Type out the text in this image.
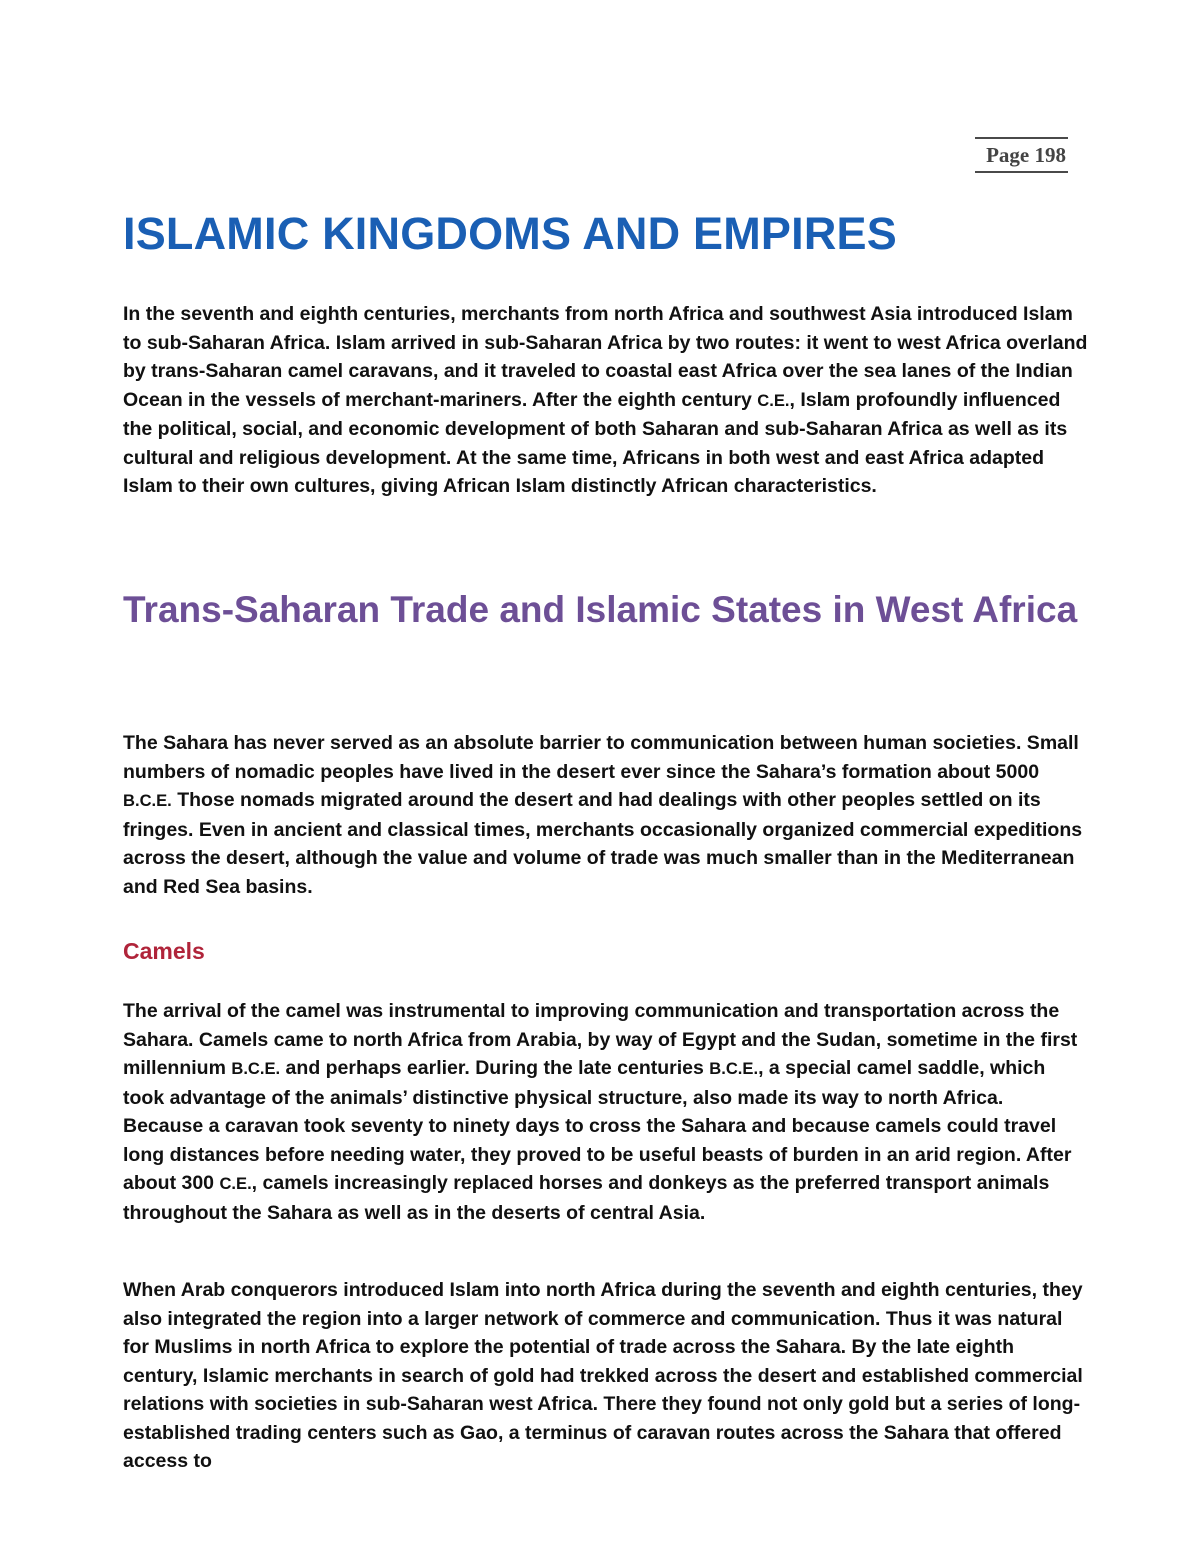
Page 198
ISLAMIC KINGDOMS AND EMPIRES

In the seventh and eighth centuries, merchants from north Africa and southwest Asia introduced Islam to sub-Saharan Africa. Islam arrived in sub-Saharan Africa by two routes: it went to west Africa overland by trans-Saharan camel caravans, and it traveled to coastal east Africa over the sea lanes of the Indian Ocean in the vessels of merchant-mariners. After the eighth century C.E., Islam profoundly influenced the political, social, and economic development of both Saharan and sub-Saharan Africa as well as its cultural and religious development. At the same time, Africans in both west and east Africa adapted Islam to their own cultures, giving African Islam distinctly African characteristics.

Trans-Saharan Trade and Islamic States in West Africa

The Sahara has never served as an absolute barrier to communication between human societies. Small numbers of nomadic peoples have lived in the desert ever since the Sahara’s formation about 5000 B.C.E. Those nomads migrated around the desert and had dealings with other peoples settled on its fringes. Even in ancient and classical times, merchants occasionally organized commercial expeditions across the desert, although the value and volume of trade was much smaller than in the Mediterranean and Red Sea basins.

Camels

The arrival of the camel was instrumental to improving communication and transportation across the Sahara. Camels came to north Africa from Arabia, by way of Egypt and the Sudan, sometime in the first millennium B.C.E. and perhaps earlier. During the late centuries B.C.E., a special camel saddle, which took advantage of the animals’ distinctive physical structure, also made its way to north Africa. Because a caravan took seventy to ninety days to cross the Sahara and because camels could travel long distances before needing water, they proved to be useful beasts of burden in an arid region. After about 300 C.E., camels increasingly replaced horses and donkeys as the preferred transport animals throughout the Sahara as well as in the deserts of central Asia.

When Arab conquerors introduced Islam into north Africa during the seventh and eighth centuries, they also integrated the region into a larger network of commerce and communication. Thus it was natural for Muslims in north Africa to explore the potential of trade across the Sahara. By the late eighth century, Islamic merchants in search of gold had trekked across the desert and established commercial relations with societies in sub-Saharan west Africa. There they found not only gold but a series of long-established trading centers such as Gao, a terminus of caravan routes across the Sahara that offered access to
